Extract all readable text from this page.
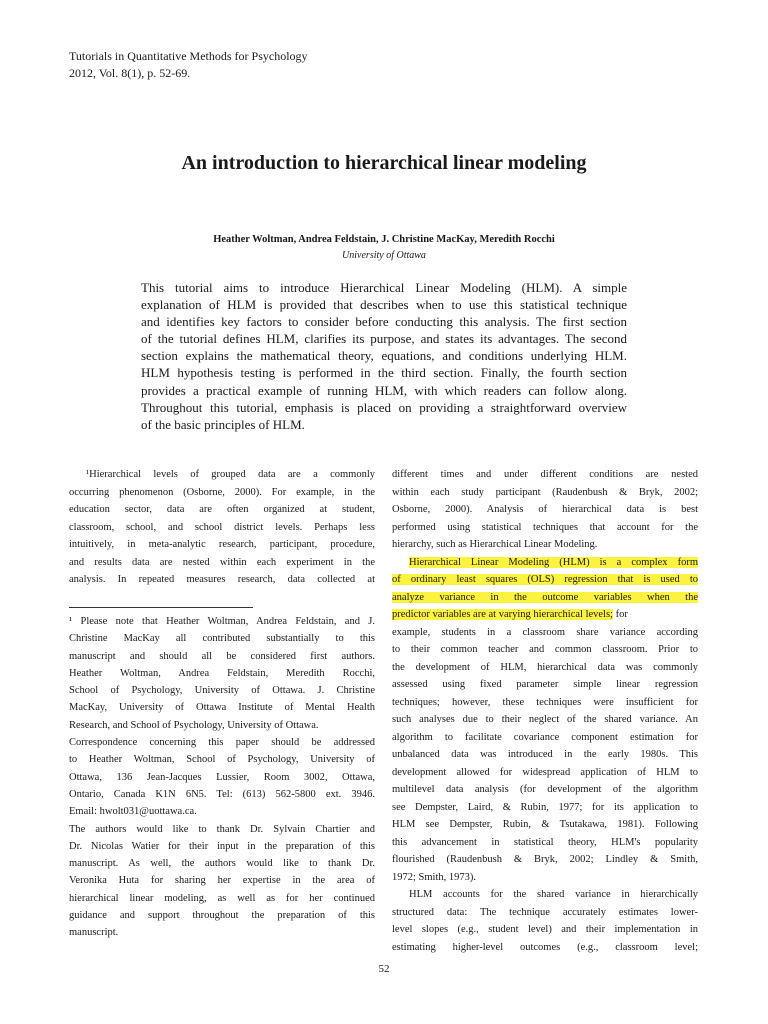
Tutorials in Quantitative Methods for Psychology
2012, Vol. 8(1), p. 52-69.
An introduction to hierarchical linear modeling
Heather Woltman, Andrea Feldstain, J. Christine MacKay, Meredith Rocchi
University of Ottawa
This tutorial aims to introduce Hierarchical Linear Modeling (HLM). A simple
explanation of HLM is provided that describes when to use this statistical technique
and identifies key factors to consider before conducting this analysis. The first section
of the tutorial defines HLM, clarifies its purpose, and states its advantages. The second
section explains the mathematical theory, equations, and conditions underlying HLM.
HLM hypothesis testing is performed in the third section. Finally, the fourth section
provides a practical example of running HLM, with which readers can follow along.
Throughout this tutorial, emphasis is placed on providing a straightforward overview
of the basic principles of HLM.
¹Hierarchical levels of grouped data are a commonly
occurring phenomenon (Osborne, 2000). For example, in the
education sector, data are often organized at student,
classroom, school, and school district levels. Perhaps less
intuitively, in meta-analytic research, participant, procedure,
and results data are nested within each experiment in the
analysis. In repeated measures research, data collected at
¹ Please note that Heather Woltman, Andrea Feldstain, and J.
Christine MacKay all contributed substantially to this
manuscript and should all be considered first authors.
Heather Woltman, Andrea Feldstain, Meredith Rocchi,
School of Psychology, University of Ottawa. J. Christine
MacKay, University of Ottawa Institute of Mental Health
Research, and School of Psychology, University of Ottawa.
Correspondence concerning this paper should be addressed
to Heather Woltman, School of Psychology, University of
Ottawa, 136 Jean-Jacques Lussier, Room 3002, Ottawa,
Ontario, Canada K1N 6N5. Tel: (613) 562-5800 ext. 3946.
Email: hwolt031@uottawa.ca.
The authors would like to thank Dr. Sylvain Chartier and
Dr. Nicolas Watier for their input in the preparation of this
manuscript. As well, the authors would like to thank Dr.
Veronika Huta for sharing her expertise in the area of
hierarchical linear modeling, as well as for her continued
guidance and support throughout the preparation of this
manuscript.
different times and under different conditions are nested
within each study participant (Raudenbush & Bryk, 2002;
Osborne, 2000). Analysis of hierarchical data is best
performed using statistical techniques that account for the
hierarchy, such as Hierarchical Linear Modeling.
Hierarchical Linear Modeling (HLM) is a complex form
of ordinary least squares (OLS) regression that is used to
analyze variance in the outcome variables when the
predictor variables are at varying hierarchical levels; for
example, students in a classroom share variance according
to their common teacher and common classroom. Prior to
the development of HLM, hierarchical data was commonly
assessed using fixed parameter simple linear regression
techniques; however, these techniques were insufficient for
such analyses due to their neglect of the shared variance. An
algorithm to facilitate covariance component estimation for
unbalanced data was introduced in the early 1980s. This
development allowed for widespread application of HLM to
multilevel data analysis (for development of the algorithm
see Dempster, Laird, & Rubin, 1977; for its application to
HLM see Dempster, Rubin, & Tsutakawa, 1981). Following
this advancement in statistical theory, HLM's popularity
flourished (Raudenbush & Bryk, 2002; Lindley & Smith,
1972; Smith, 1973).
HLM accounts for the shared variance in hierarchically
structured data: The technique accurately estimates lower-
level slopes (e.g., student level) and their implementation in
estimating higher-level outcomes (e.g., classroom level;
52
